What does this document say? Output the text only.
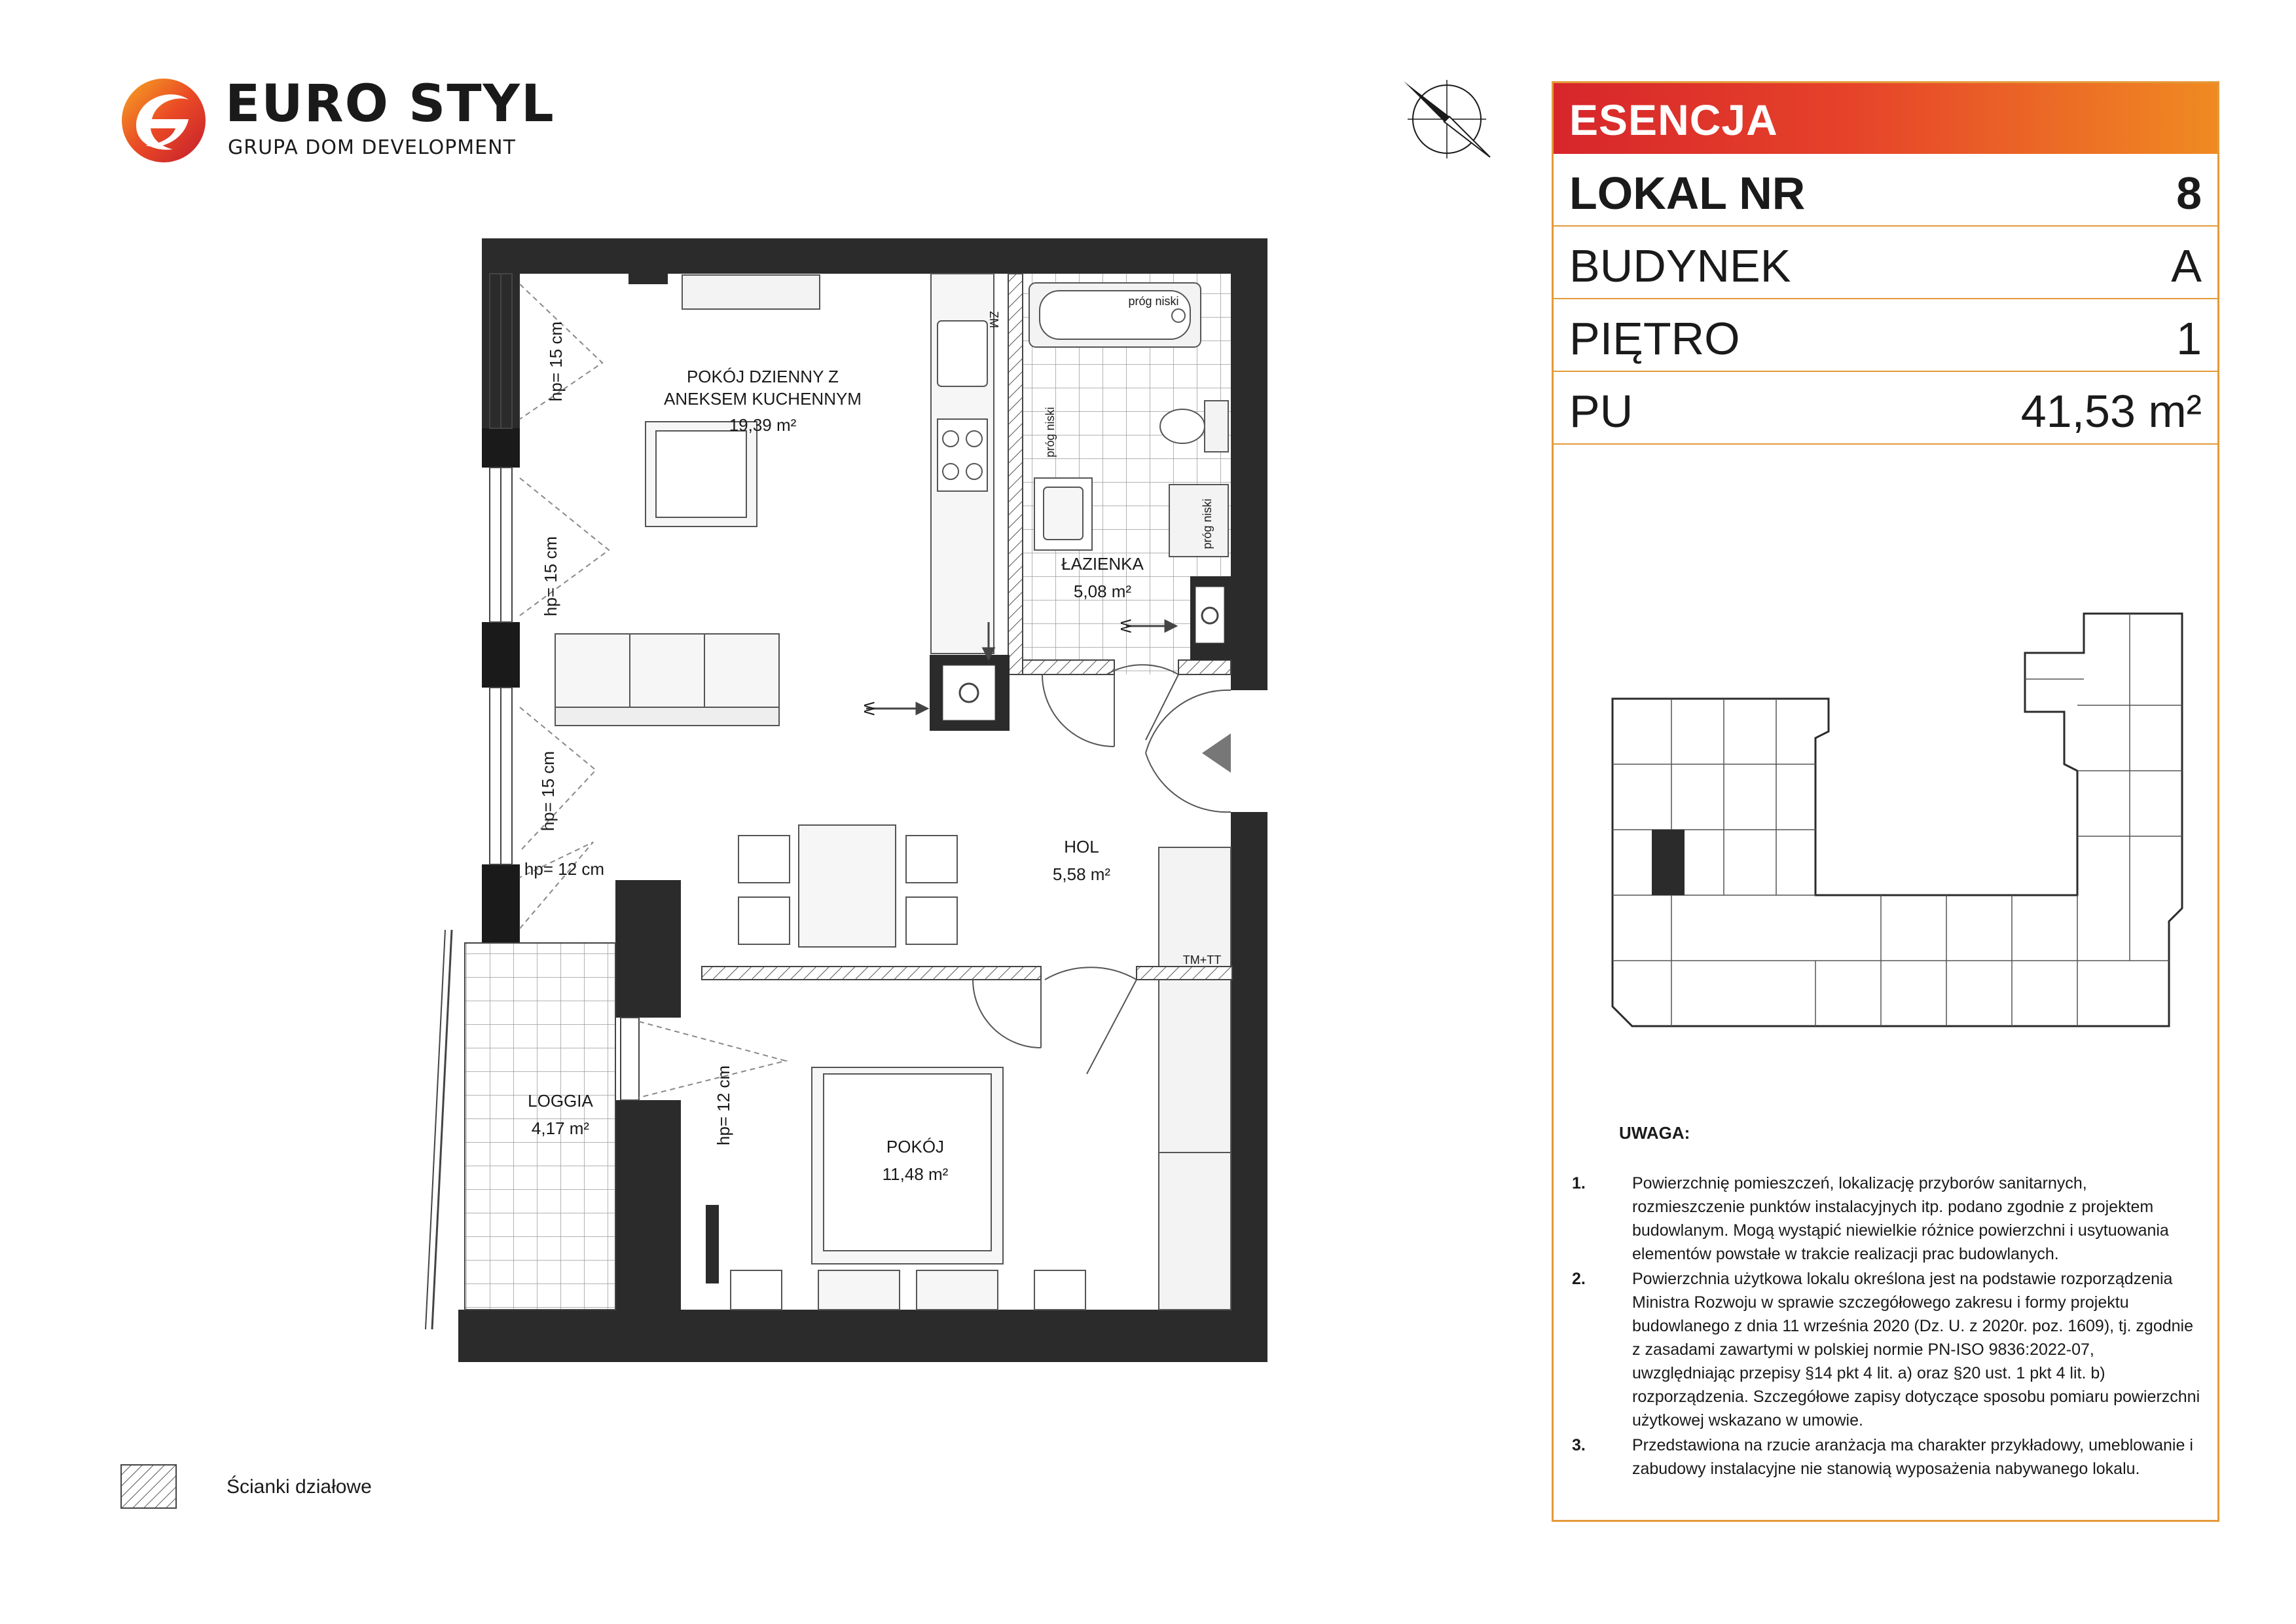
EURO STYL
GRUPA DOM DEVELOPMENT
POKÓJ DZIENNY Z
ANEKSEM KUCHENNYM
19,39 m²
ŁAZIENKA
5,08 m²
HOL
5,58 m²
POKÓJ
11,48 m²
LOGGIA
4,17 m²
próg niski
próg niski
próg niski
ZM
TM+TT
W
W
hp= 15 cm
hp= 15 cm
hp= 15 cm
hp= 12 cm
hp= 12 cm
ESENCJA
LOKAL NR	8
BUDYNEK	A
PIĘTRO	1
PU	41,53 m²
UWAGA:
1.	Powierzchnię pomieszczeń, lokalizację przyborów sanitarnych, rozmieszczenie punktów instalacyjnych itp. podano zgodnie z projektem budowlanym. Mogą wystąpić niewielkie różnice powierzchni i usytuowania elementów powstałe w trakcie realizacji prac budowlanych.
2.	Powierzchnia użytkowa lokalu określona jest na podstawie rozporządzenia Ministra Rozwoju w sprawie szczegółowego zakresu i formy projektu budowlanego z dnia 11 września 2020 (Dz. U. z 2020r. poz. 1609), tj. zgodnie z zasadami zawartymi w polskiej normie PN-ISO 9836:2022-07, uwzględniając przepisy §14 pkt 4 lit. a) oraz §20 ust. 1 pkt 4 lit. b) rozporządzenia. Szczegółowe zapisy dotyczące sposobu pomiaru powierzchni użytkowej wskazano w umowie.
3.	Przedstawiona na rzucie aranżacja ma charakter przykładowy, umeblowanie i zabudowy instalacyjne nie stanowią wyposażenia nabywanego lokalu.
Ścianki działowe
